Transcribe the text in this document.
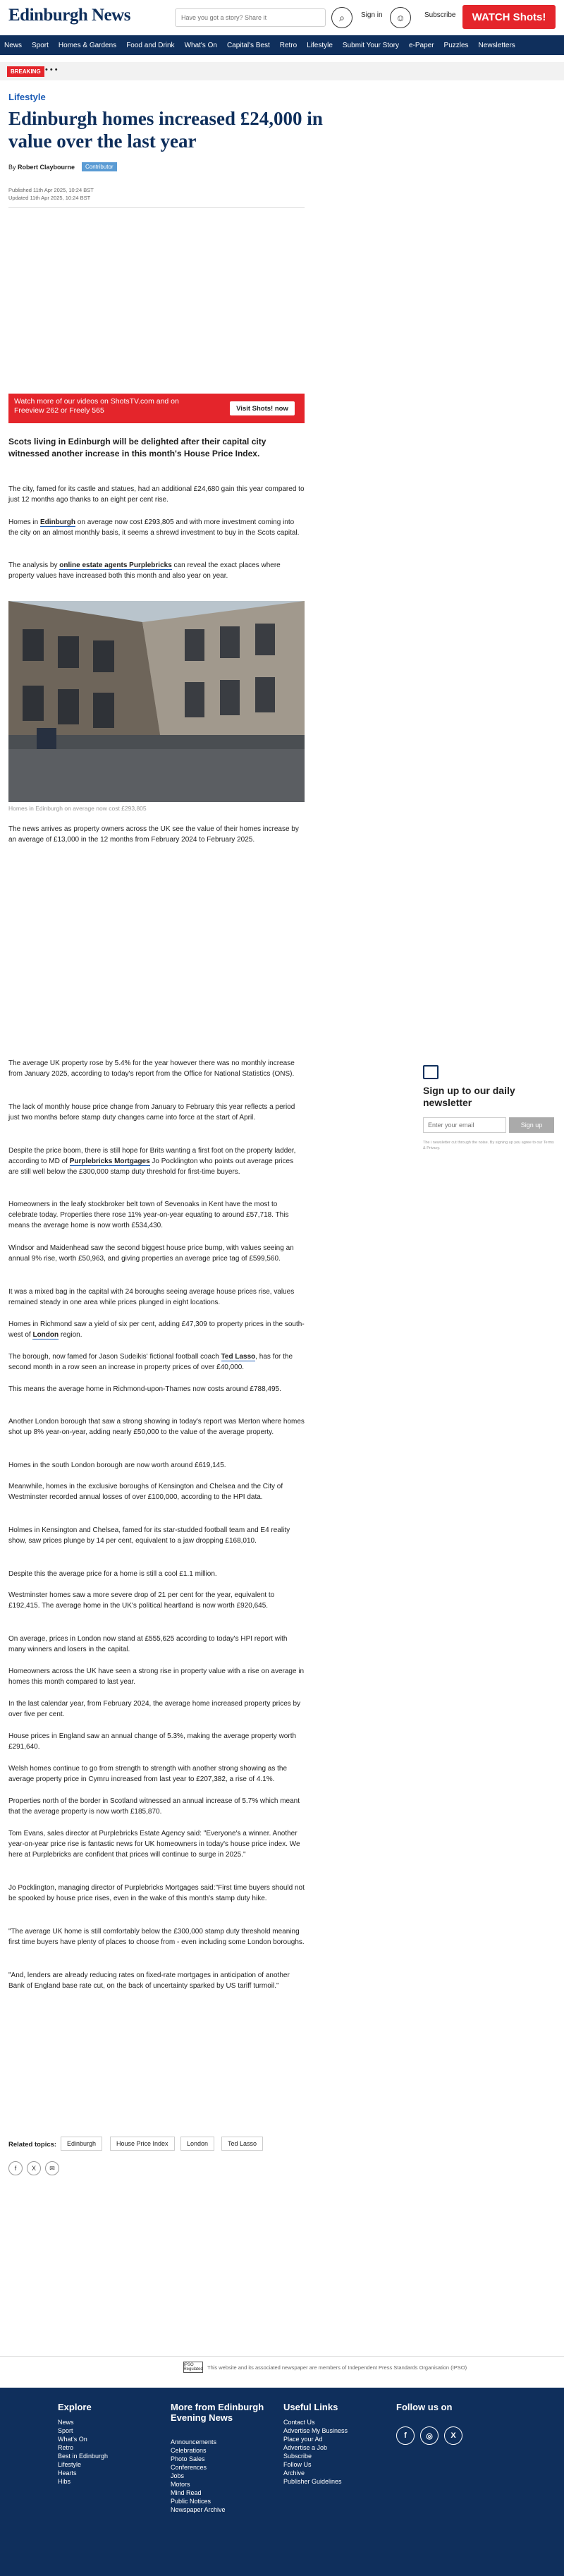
Edinburgh News
Have you got a story? Share it	⌕ Sign in ☺	Subscribe	WATCH Shots!
News Sport Homes & Gardens Food and Drink What's On Capital's Best Retro Lifestyle Submit Your Story e-Paper Puzzles Newsletters
BREAKING •••
Lifestyle
Edinburgh homes increased £24,000 in value over the last year
By Robert Claybourne	Contributor
Published 11th Apr 2025, 10:24 BST
Updated 11th Apr 2025, 10:24 BST
Watch more of our videos on ShotsTV.com and on Freeview 262 or Freely 565	Visit Shots! now

Scots living in Edinburgh will be delighted after their capital city witnessed another increase in this month's House Price Index.

The city, famed for its castle and statues, had an additional £24,680 gain this year compared to just 12 months ago thanks to an eight per cent rise.

Homes in Edinburgh on average now cost £293,805 and with more investment coming into the city on an almost monthly basis, it seems a shrewd investment to buy in the Scots capital.

The analysis by online estate agents Purplebricks can reveal the exact places where property values have increased both this month and also year on year.

Homes in Edinburgh on average now cost £293,805

The news arrives as property owners across the UK see the value of their homes increase by an average of £13,000 in the 12 months from February 2024 to February 2025.

Sign up to our daily newsletter
Enter your email
Sign up
The i newsletter cut through the noise. By signing up you agree to our Terms & Privacy.

The average UK property rose by 5.4% for the year however there was no monthly increase from January 2025, according to today's report from the Office for National Statistics (ONS).

The lack of monthly house price change from January to February this year reflects a period just two months before stamp duty changes came into force at the start of April.

Despite the price boom, there is still hope for Brits wanting a first foot on the property ladder, according to MD of Purplebricks Mortgages Jo Pocklington who points out average prices are still well below the £300,000 stamp duty threshold for first-time buyers.

Homeowners in the leafy stockbroker belt town of Sevenoaks in Kent have the most to celebrate today. Properties there rose 11% year-on-year equating to around £57,718. This means the average home is now worth £534,430.

Windsor and Maidenhead saw the second biggest house price bump, with values seeing an annual 9% rise, worth £50,963, and giving properties an average price tag of £599,560.

It was a mixed bag in the capital with 24 boroughs seeing average house prices rise, values remained steady in one area while prices plunged in eight locations.

Homes in Richmond saw a yield of six per cent, adding £47,309 to property prices in the south-west of London region.

The borough, now famed for Jason Sudeikis' fictional football coach Ted Lasso, has for the second month in a row seen an increase in property prices of over £40,000.

This means the average home in Richmond-upon-Thames now costs around £788,495.

Another London borough that saw a strong showing in today's report was Merton where homes shot up 8% year-on-year, adding nearly £50,000 to the value of the average property.

Homes in the south London borough are now worth around £619,145.

Meanwhile, homes in the exclusive boroughs of Kensington and Chelsea and the City of Westminster recorded annual losses of over £100,000, according to the HPI data.

Holmes in Kensington and Chelsea, famed for its star-studded football team and E4 reality show, saw prices plunge by 14 per cent, equivalent to a jaw dropping £168,010.

Despite this the average price for a home is still a cool £1.1 million.

Westminster homes saw a more severe drop of 21 per cent for the year, equivalent to £192,415. The average home in the UK's political heartland is now worth £920,645.

On average, prices in London now stand at £555,625 according to today's HPI report with many winners and losers in the capital.

Homeowners across the UK have seen a strong rise in property value with a rise on average in homes this month compared to last year.

In the last calendar year, from February 2024, the average home increased property prices by over five per cent.

House prices in England saw an annual change of 5.3%, making the average property worth £291,640.

Welsh homes continue to go from strength to strength with another strong showing as the average property price in Cymru increased from last year to £207,382, a rise of 4.1%.

Properties north of the border in Scotland witnessed an annual increase of 5.7% which meant that the average property is now worth £185,870.

Tom Evans, sales director at Purplebricks Estate Agency said: "Everyone's a winner. Another year-on-year price rise is fantastic news for UK homeowners in today's house price index. We here at Purplebricks are confident that prices will continue to surge in 2025."

Jo Pocklington, managing director of Purplebricks Mortgages said:"First time buyers should not be spooked by house price rises, even in the wake of this month's stamp duty hike.

"The average UK home is still comfortably below the £300,000 stamp duty threshold meaning first time buyers have plenty of places to choose from - even including some London boroughs.

"And, lenders are already reducing rates on fixed-rate mortgages in anticipation of another Bank of England base rate cut, on the back of uncertainty sparked by US tariff turmoil."

Related topics:	Edinburgh	House Price Index	London	Ted Lasso
f X ✉
IPSO Regulated This website and its associated newspaper are members of Independent Press Standards Organisation (IPSO)
Explore
News
Sport
What's On
Retro
Best in Edinburgh
Lifestyle
Hearts
Hibs
More from Edinburgh Evening News
Announcements
Celebrations
Photo Sales
Conferences
Jobs
Motors
Mind Read
Public Notices
Newspaper Archive
Useful Links
Contact Us
Advertise My Business
Place your Ad
Advertise a Job
Subscribe
Follow Us
Archive
Publisher Guidelines
Follow us on
f ◎ X
